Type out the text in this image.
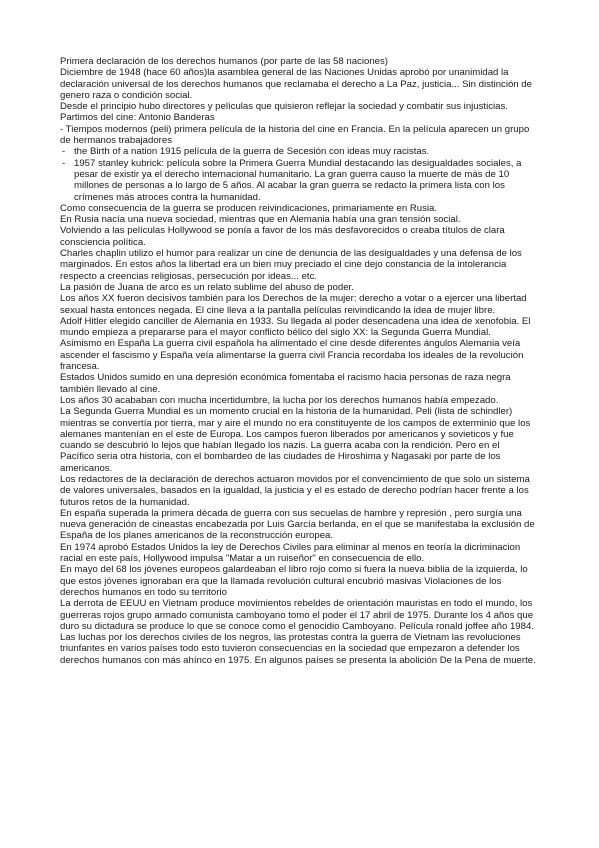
Primera declaración de los derechos humanos (por parte de las 58 naciones)

Diciembre de 1948 (hace 60 años)la asamblea general de las Naciones Unidas aprobó por unanimidad la declaración universal de los derechos humanos que reclamaba el derecho a La Paz, justicia... Sin distinción de genero raza o condición social.

Desde el principio hubo directores y películas que quisieron reflejar la sociedad y combatir sus injusticias. Partimos del cine: Antonio Banderas

- Tiempos modernos (peli) primera película de la historia del cine en Francia. En la película aparecen un grupo de hermanos trabajadores

- the Birth of a nation 1915 película de la guerra de Secesión con ideas muy racistas.
- 1957 stanley kubrick: película sobre la Primera Guerra Mundial destacando las desigualdades sociales, a pesar de existir ya el derecho internacional humanitario. La gran guerra causo la muerte de más de 10 millones de personas a lo largo de 5 años. Al acabar la gran guerra se redacto la primera lista con los crímenes más atroces contra la humanidad.

Como consecuencia de la guerra se producen reivindicaciones, primariamente en Rusia.

En Rusia nacía una nueva sociedad, mientras que en Alemania había una gran tensión social.

Volviendo a las películas Hollywood se ponía a favor de los más desfavorecidos o creaba títulos de clara consciencia política.

Charles chaplin utilizo el humor para realizar un cine de denuncia de las desigualdades y una defensa de los marginados. En estos años la libertad era un bien muy preciado el cine dejo constancia de la intolerancia respecto a creencias religiosas, persecución por ideas... etc.

La pasión de Juana de arco es un relato sublime del abuso de poder.

Los años XX fueron decisivos también para los Derechos de la mujer: derecho a votar o a ejercer una libertad sexual hasta entonces negada. El cine lleva a la pantalla películas reivindicando la idea de mujer libre.

Adolf Hitler elegido canciller de Alemania en 1933. Su llegada al poder desencadena una idea de xenofobia. El mundo empieza a prepararse para el mayor conflicto bélico del siglo XX: la Segunda Guerra Mundial.

Asimismo en España La guerra civil española ha alimentado el cine desde diferentes ángulos Alemania veía ascender el fascismo y España veía alimentarse la guerra civil Francia recordaba los ideales de la revolución francesa.

Estados Unidos sumido en una depresión económica fomentaba el racismo hacia personas de raza negra también llevado al cine.

Los años 30 acababan con mucha incertidumbre, la lucha por los derechos humanos había empezado.

La Segunda Guerra Mundial es un momento crucial en la historia de la humanidad. Peli (lista de schindler) mientras se convertía por tierra, mar y aire el mundo no era constituyente de los campos de exterminio que los alemanes mantenían en el este de Europa. Los campos fueron liberados por americanos y sovieticos y fue cuando se descubrió lo lejos que habían llegado los nazis. La guerra acaba con la rendición. Pero en el Pacífico seria otra historia, con el bombardeo de las ciudades de Hiroshima y Nagasaki por parte de los americanos.

Los redactores de la declaración de derechos actuaron movidos por el convencimiento de que solo un sistema de valores universales, basados en la igualdad, la justicia y el es estado de derecho podrían hacer frente a los futuros retos de la humanidad.

En españa superada la primera década de guerra con sus secuelas de hambre y represión , pero surgía una nueva generación de cineastas encabezada por Luis García berlanda, en el que se manifestaba la exclusión de España de los planes americanos de la reconstrucción europea.

En 1974 aprobó Estados Unidos la ley de Derechos Civiles para eliminar al menos en teoría la dicriminacion racial en este país, Hollywood impulsa "Matar a un ruiseñor" en consecuencia de ello.

En mayo del 68 los jóvenes europeos galardeaban el libro rojo como si fuera la nueva biblia de la izquierda, lo que estos jóvenes ignoraban era que la llamada revolución cultural encubrió masivas Violaciones de los derechos humanos en todo su territorio

La derrota de EEUU en Vietnam produce movimientos rebeldes de orientación mauristas en todo el mundo, los guerreras rojos grupo armado comunista camboyano tomo el poder el 17 abril de 1975. Durante los 4 años que duro su dictadura se produce lo que se conoce como el genocidio Camboyano. Película ronald joffee año 1984.

Las luchas por los derechos civiles de los negros, las protestas contra la guerra de Vietnam las revoluciones triunfantes en varios países todo esto tuvieron consecuencias en la sociedad que empezaron a defender los derechos humanos con más ahínco en 1975. En algunos países se presenta la abolición De la Pena de muerte.
